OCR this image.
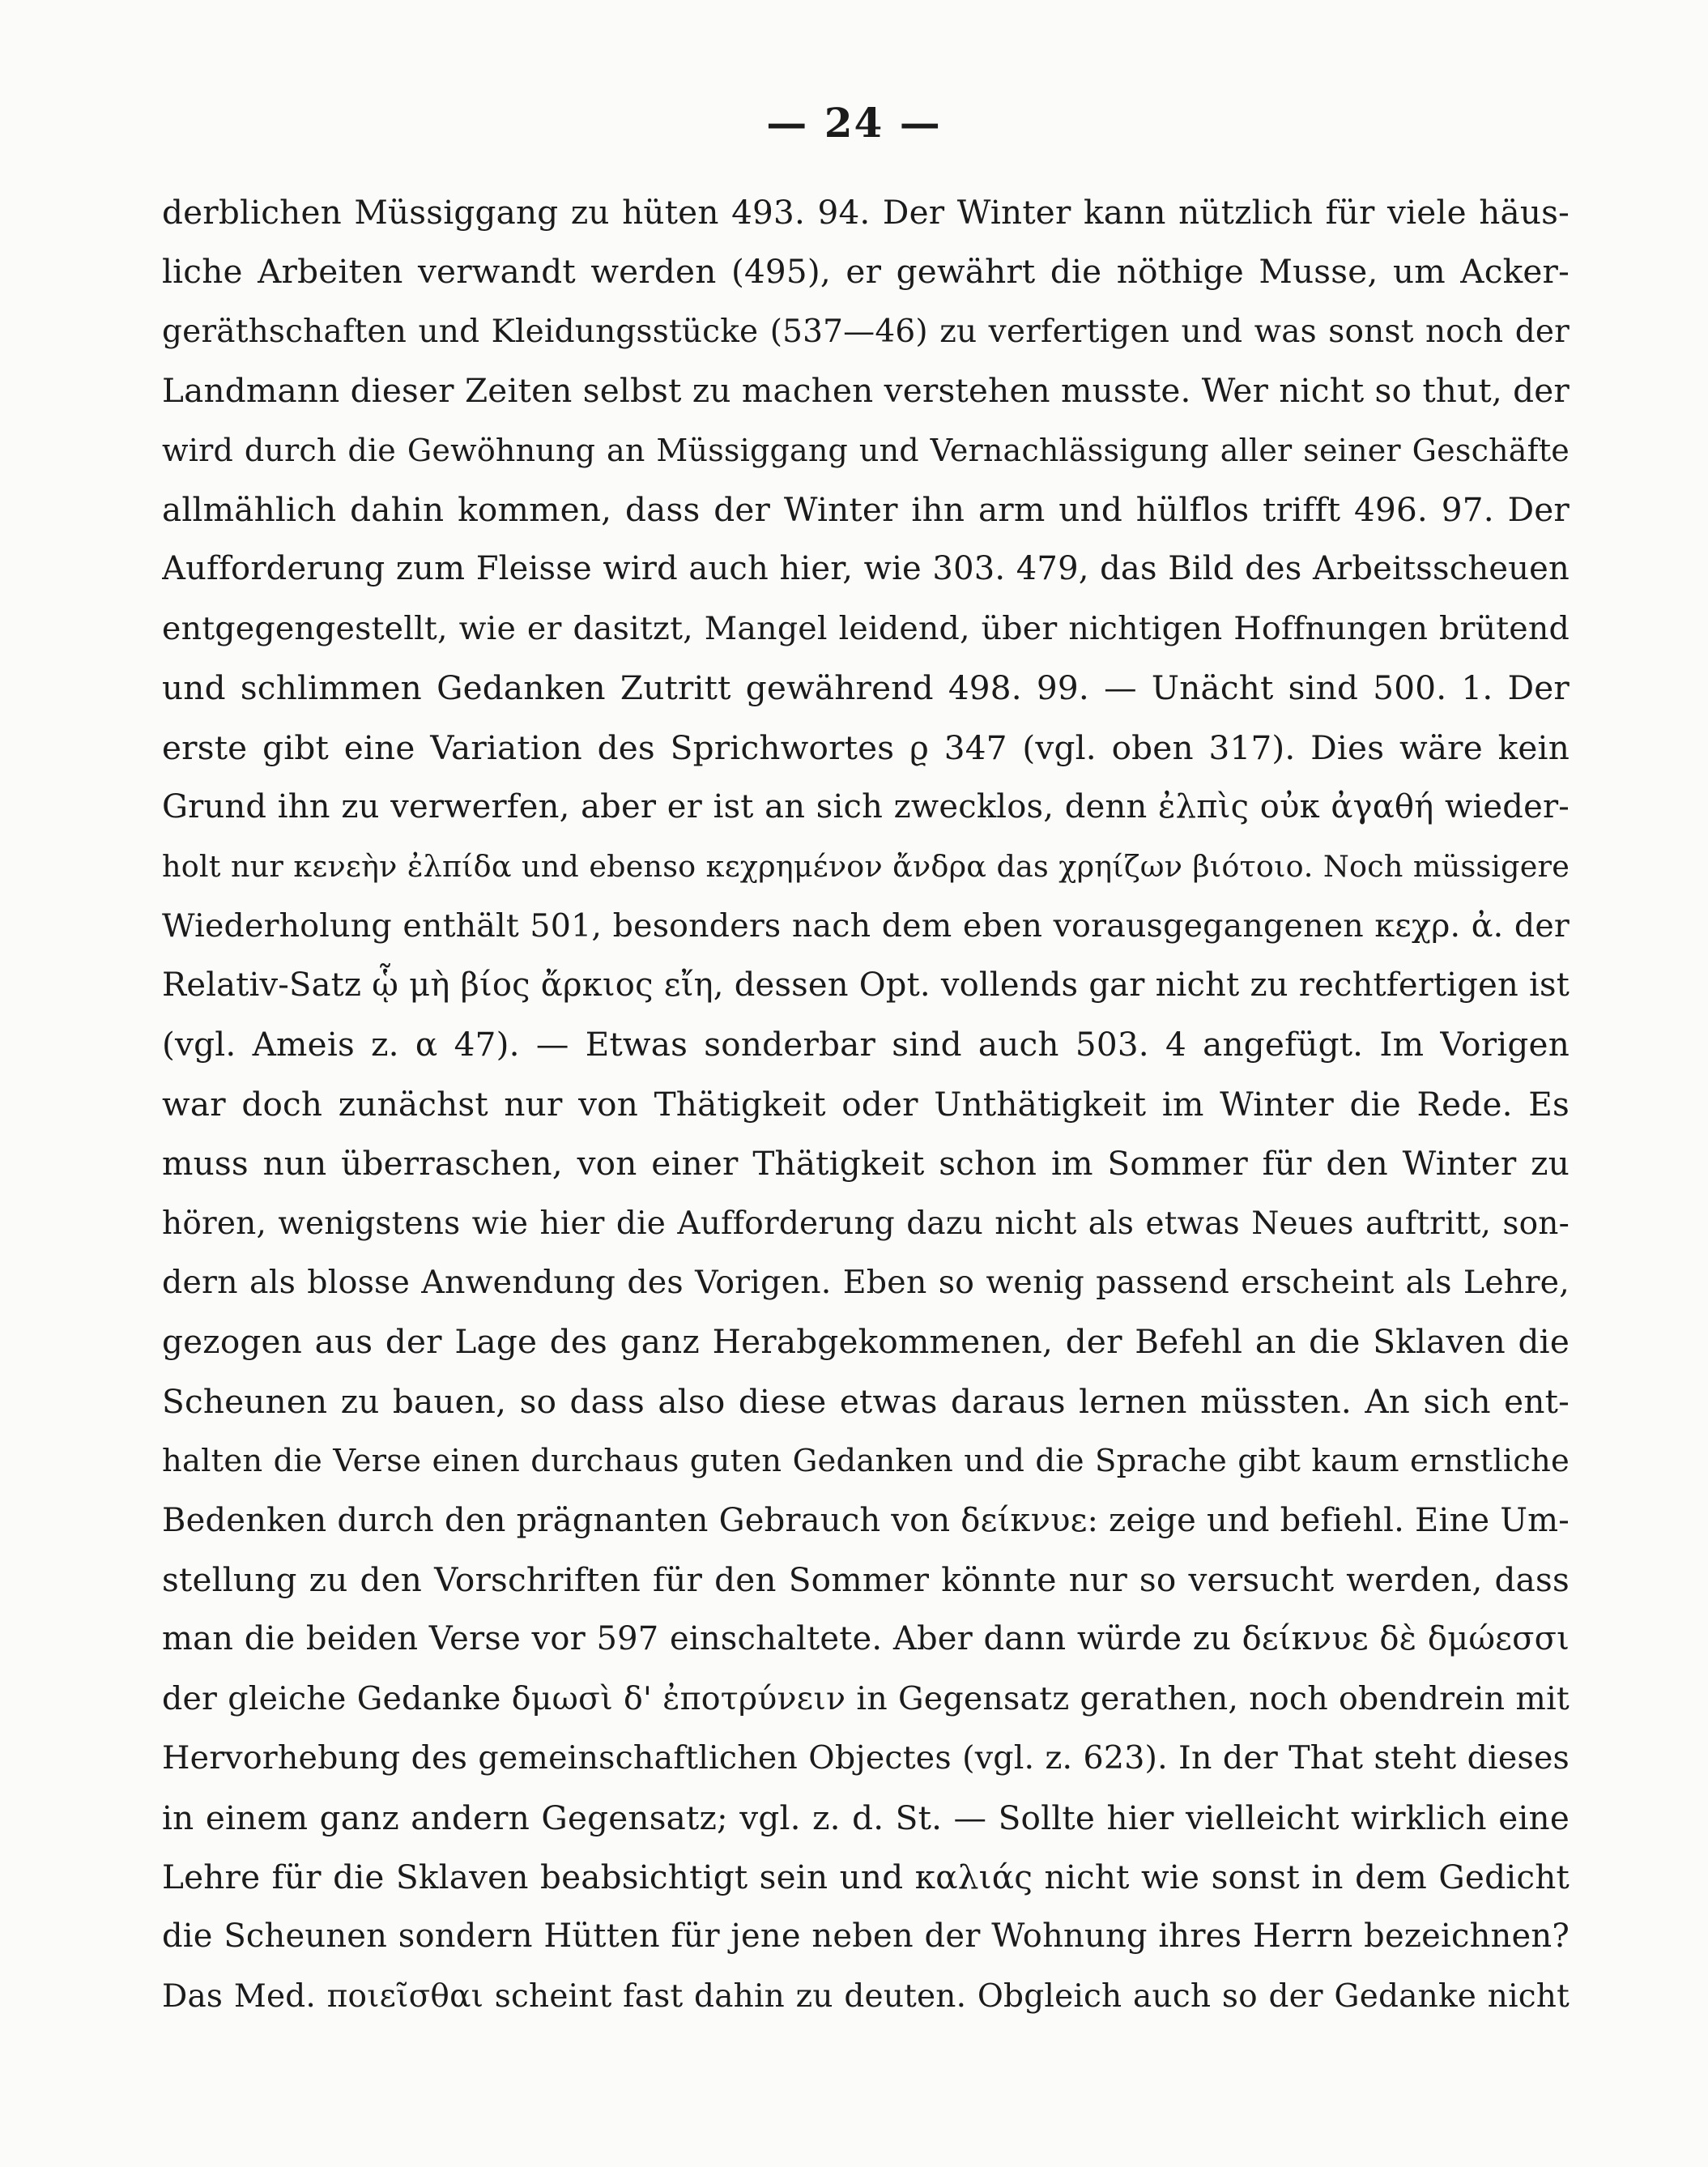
— 24 —
derblichen Müssiggang zu hüten 493. 94. Der Winter kann nützlich für viele häus-
liche Arbeiten verwandt werden (495), er gewährt die nöthige Musse, um Acker-
geräthschaften und Kleidungsstücke (537—46) zu verfertigen und was sonst noch der
Landmann dieser Zeiten selbst zu machen verstehen musste. Wer nicht so thut, der
wird durch die Gewöhnung an Müssiggang und Vernachlässigung aller seiner Geschäfte
allmählich dahin kommen, dass der Winter ihn arm und hülflos trifft 496. 97. Der
Aufforderung zum Fleisse wird auch hier, wie 303. 479, das Bild des Arbeitsscheuen
entgegengestellt, wie er dasitzt, Mangel leidend, über nichtigen Hoffnungen brütend
und schlimmen Gedanken Zutritt gewährend 498. 99. — Unächt sind 500. 1. Der
erste gibt eine Variation des Sprichwortes ϱ 347 (vgl. oben 317). Dies wäre kein
Grund ihn zu verwerfen, aber er ist an sich zwecklos, denn ἐλπὶς οὐκ ἀγαθή wieder-
holt nur κενεὴν ἐλπίδα und ebenso κεχρημένον ἄνδρα das χρηίζων βιότοιο. Noch müssigere
Wiederholung enthält 501, besonders nach dem eben vorausgegangenen κεχρ. ἀ. der
Relativ-Satz ᾧ μὴ βίος ἄρκιος εἴη, dessen Opt. vollends gar nicht zu rechtfertigen ist
(vgl. Ameis z. α 47). — Etwas sonderbar sind auch 503. 4 angefügt. Im Vorigen
war doch zunächst nur von Thätigkeit oder Unthätigkeit im Winter die Rede. Es
muss nun überraschen, von einer Thätigkeit schon im Sommer für den Winter zu
hören, wenigstens wie hier die Aufforderung dazu nicht als etwas Neues auftritt, son-
dern als blosse Anwendung des Vorigen. Eben so wenig passend erscheint als Lehre,
gezogen aus der Lage des ganz Herabgekommenen, der Befehl an die Sklaven die
Scheunen zu bauen, so dass also diese etwas daraus lernen müssten. An sich ent-
halten die Verse einen durchaus guten Gedanken und die Sprache gibt kaum ernstliche
Bedenken durch den prägnanten Gebrauch von δείκνυε: zeige und befiehl. Eine Um-
stellung zu den Vorschriften für den Sommer könnte nur so versucht werden, dass
man die beiden Verse vor 597 einschaltete. Aber dann würde zu δείκνυε δὲ δμώεσσι
der gleiche Gedanke δμωσὶ δ' ἐποτρύνειν in Gegensatz gerathen, noch obendrein mit
Hervorhebung des gemeinschaftlichen Objectes (vgl. z. 623). In der That steht dieses
in einem ganz andern Gegensatz; vgl. z. d. St. — Sollte hier vielleicht wirklich eine
Lehre für die Sklaven beabsichtigt sein und καλιάς nicht wie sonst in dem Gedicht
die Scheunen sondern Hütten für jene neben der Wohnung ihres Herrn bezeichnen?
Das Med. ποιεῖσθαι scheint fast dahin zu deuten. Obgleich auch so der Gedanke nicht
